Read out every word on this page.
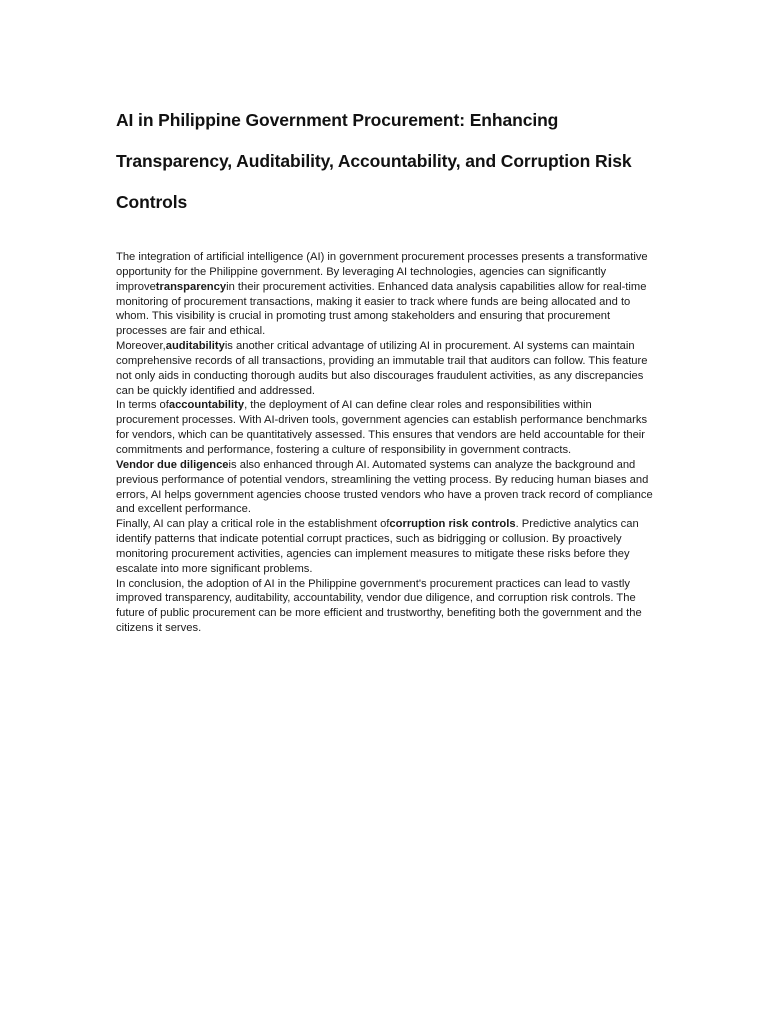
AI in Philippine Government Procurement: Enhancing Transparency, Auditability, Accountability, and Corruption Risk Controls

The integration of artificial intelligence (AI) in government procurement processes presents a transformative opportunity for the Philippine government. By leveraging AI technologies, agencies can significantly improvetransparencyin their procurement activities. Enhanced data analysis capabilities allow for real-time monitoring of procurement transactions, making it easier to track where funds are being allocated and to whom. This visibility is crucial in promoting trust among stakeholders and ensuring that procurement processes are fair and ethical.

Moreover,auditabilityis another critical advantage of utilizing AI in procurement. AI systems can maintain comprehensive records of all transactions, providing an immutable trail that auditors can follow. This feature not only aids in conducting thorough audits but also discourages fraudulent activities, as any discrepancies can be quickly identified and addressed.

In terms ofaccountability, the deployment of AI can define clear roles and responsibilities within procurement processes. With AI-driven tools, government agencies can establish performance benchmarks for vendors, which can be quantitatively assessed. This ensures that vendors are held accountable for their commitments and performance, fostering a culture of responsibility in government contracts.

Vendor due diligenceis also enhanced through AI. Automated systems can analyze the background and previous performance of potential vendors, streamlining the vetting process. By reducing human biases and errors, AI helps government agencies choose trusted vendors who have a proven track record of compliance and excellent performance.

Finally, AI can play a critical role in the establishment ofcorruption risk controls. Predictive analytics can identify patterns that indicate potential corrupt practices, such as bidrigging or collusion. By proactively monitoring procurement activities, agencies can implement measures to mitigate these risks before they escalate into more significant problems.

In conclusion, the adoption of AI in the Philippine government's procurement practices can lead to vastly improved transparency, auditability, accountability, vendor due diligence, and corruption risk controls. The future of public procurement can be more efficient and trustworthy, benefiting both the government and the citizens it serves.
